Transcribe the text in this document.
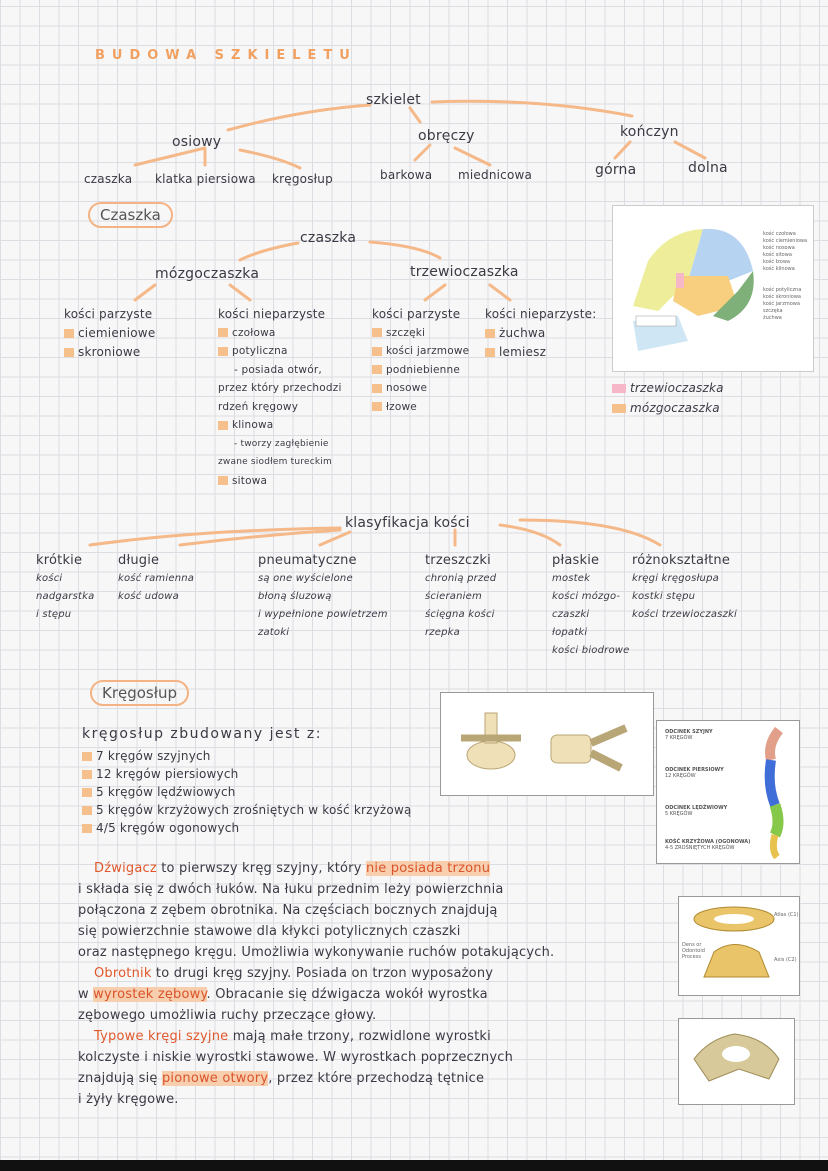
BUDOWA SZKIELETU
szkielet
osiowy	obręczy	kończyn
czaszka klatka piersiowa kręgosłup	barkowa miednicowa	górna	dolna
Czaszka
czaszka
mózgoczaszka	trzewioczaszka
kości parzyste
ciemieniowe
skroniowe
kości nieparzyste
czołowa
potyliczna
- posiada otwór,
przez który przechodzi
rdzeń kręgowy
klinowa
- tworzy zagłębienie
zwane siodłem tureckim
sitowa
kości parzyste
szczęki
kości jarzmowe
podniebienne
nosowe
łzowe
kości nieparzyste:
żuchwa
lemiesz
kość czołowa
kość ciemieniowa
kość nosowa
kość sitowa
kość łzowa
kość klinowa
kość potyliczna
kość skroniowa
kość jarzmowa
szczęka
żuchwa
trzewioczaszka
mózgoczaszka
klasyfikacja kości
krótkie
kości
nadgarstka
i stępu
długie
kość ramienna
kość udowa
pneumatyczne
są one wyścielone
błoną śluzową
i wypełnione powietrzem
zatoki
trzeszczki
chronią przed
ścieraniem
ścięgna kości
rzepka
płaskie
mostek
kości mózgo-
czaszki
łopatki
kości biodrowe
różnokształtne
kręgi kręgosłupa
kostki stępu
kości trzewioczaszki
Kręgosłup
kręgosłup zbudowany jest z:
7 kręgów szyjnych
12 kręgów piersiowych
5 kręgów lędźwiowych
5 kręgów krzyżowych zrośniętych w kość krzyżową
4/5 kręgów ogonowych
ODCINEK SZYJNY
7 KRĘGÓW
ODCINEK PIERSIOWY
12 KRĘGÓW
ODCINEK LĘDŹWIOWY
5 KRĘGÓW
KOŚĆ KRZYŻOWA (OGONOWA)
4-5 ZROŚNIĘTYCH KRĘGÓW
Atlas (C1)
Dens or Odontoid Process	Axis (C2)
Dźwigacz to pierwszy kręg szyjny, który nie posiada trzonu
i składa się z dwóch łuków. Na łuku przednim leży powierzchnia
połączona z zębem obrotnika. Na częściach bocznych znajdują
się powierzchnie stawowe dla kłykci potylicznych czaszki
oraz następnego kręgu. Umożliwia wykonywanie ruchów potakujących.
Obrotnik to drugi kręg szyjny. Posiada on trzon wyposażony
w wyrostek zębowy. Obracanie się dźwigacza wokół wyrostka
zębowego umożliwia ruchy przeczące głowy.
Typowe kręgi szyjne mają małe trzony, rozwidlone wyrostki
kolczyste i niskie wyrostki stawowe. W wyrostkach poprzecznych
znajdują się pionowe otwory, przez które przechodzą tętnice
i żyły kręgowe.
